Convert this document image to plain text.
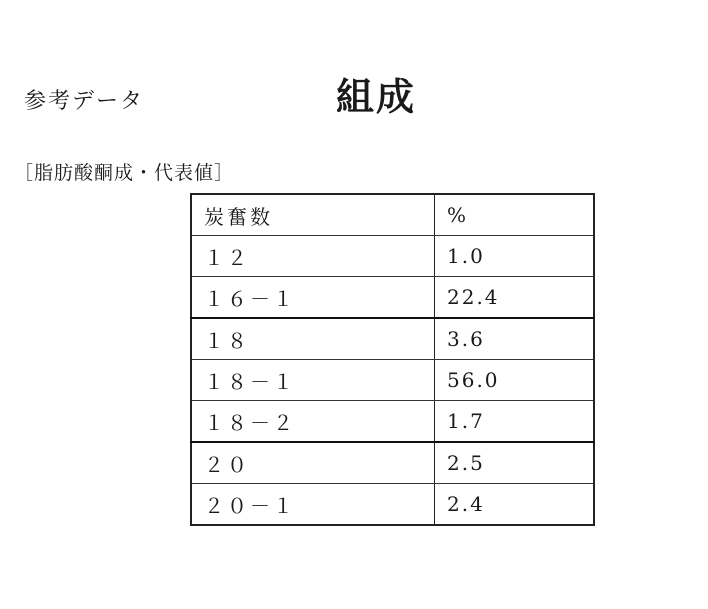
参考データ	組成
［脂肪酸酮成・代表値］
炭奮数	%
１２	1.0
１６－１	22.4
１８	3.6
１８－１	56.0
１８－２	1.7
２０	2.5
２０－１	2.4
